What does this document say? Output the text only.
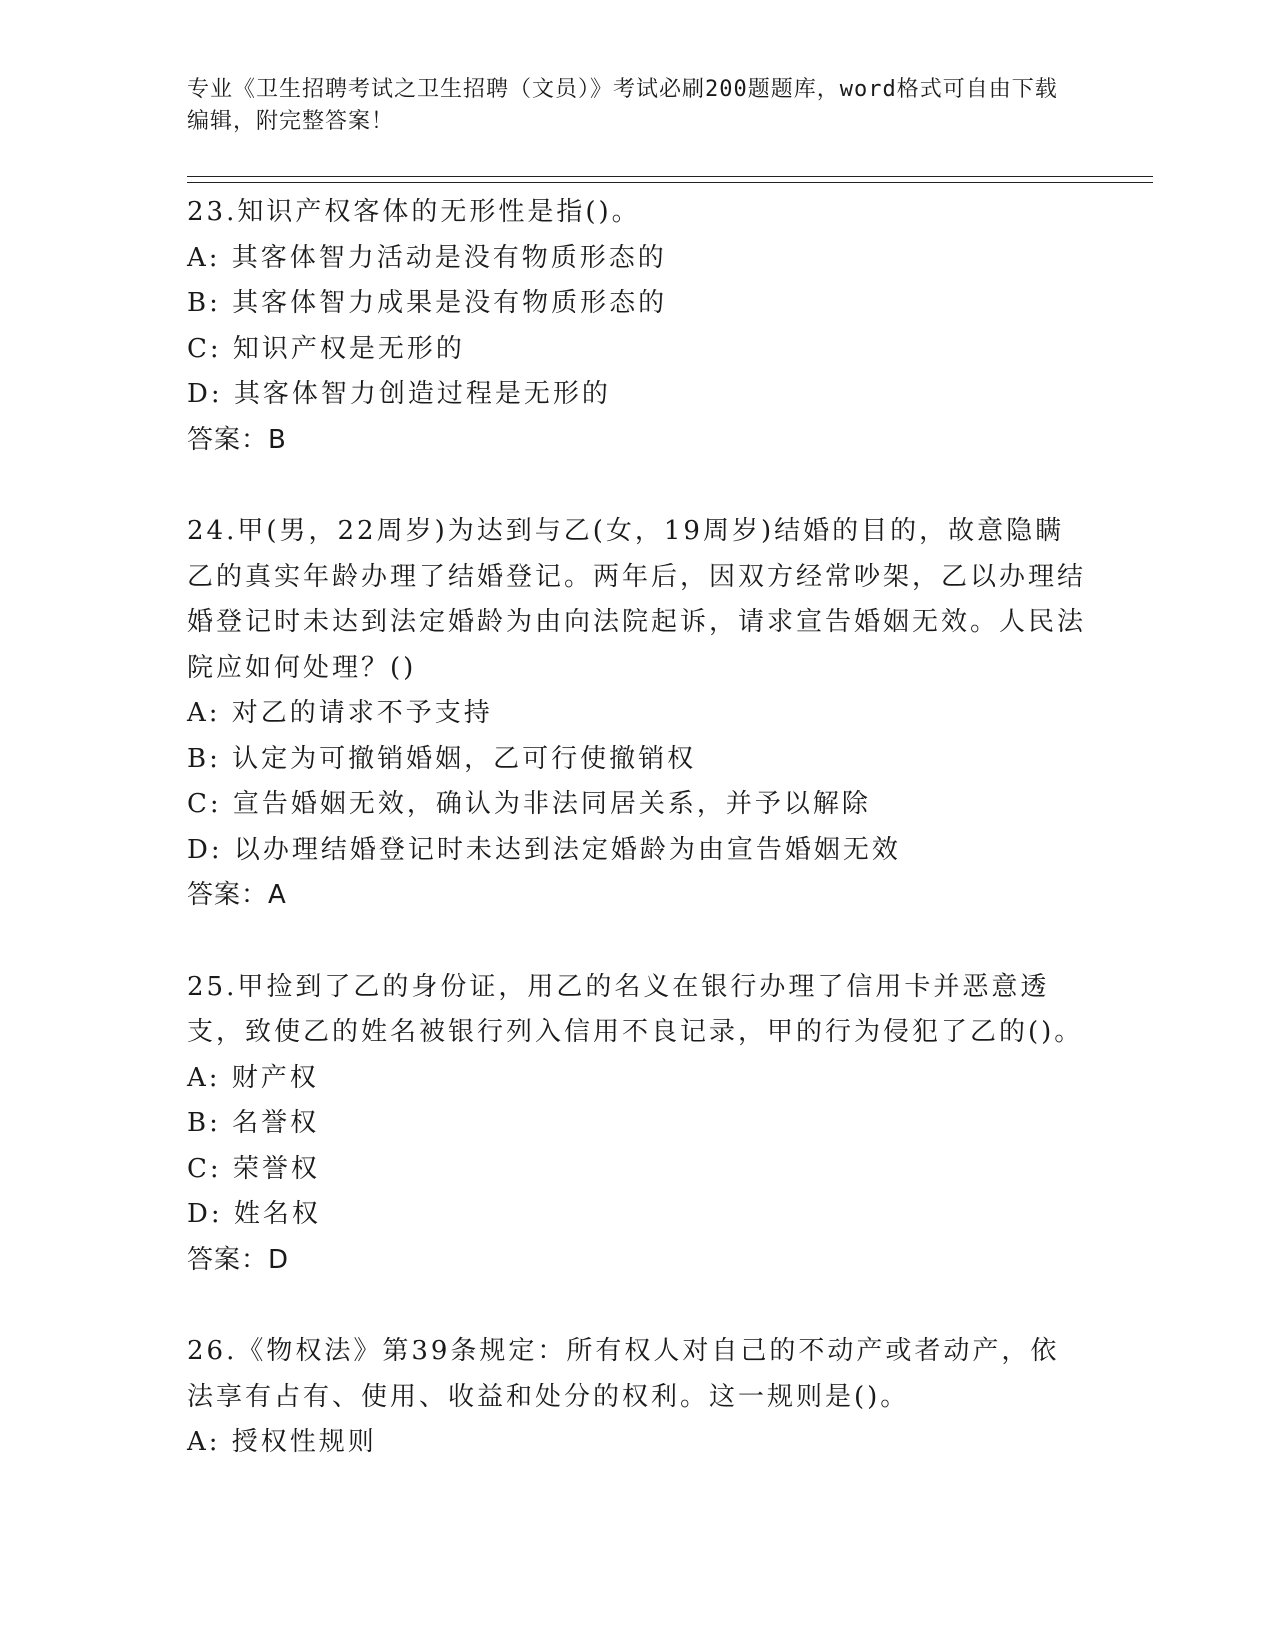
专业《卫生招聘考试之卫生招聘（文员）》考试必刷200题题库，word格式可自由下载编辑，附完整答案！
23.知识产权客体的无形性是指()。
A: 其客体智力活动是没有物质形态的
B: 其客体智力成果是没有物质形态的
C: 知识产权是无形的
D: 其客体智力创造过程是无形的
答案：B
24.甲(男，22周岁)为达到与乙(女，19周岁)结婚的目的，故意隐瞒乙的真实年龄办理了结婚登记。两年后，因双方经常吵架，乙以办理结婚登记时未达到法定婚龄为由向法院起诉，请求宣告婚姻无效。人民法院应如何处理？()
A: 对乙的请求不予支持
B: 认定为可撤销婚姻，乙可行使撤销权
C: 宣告婚姻无效，确认为非法同居关系，并予以解除
D: 以办理结婚登记时未达到法定婚龄为由宣告婚姻无效
答案：A
25.甲捡到了乙的身份证，用乙的名义在银行办理了信用卡并恶意透支，致使乙的姓名被银行列入信用不良记录，甲的行为侵犯了乙的()。
A: 财产权
B: 名誉权
C: 荣誉权
D: 姓名权
答案：D
26.《物权法》第39条规定：所有权人对自己的不动产或者动产，依法享有占有、使用、收益和处分的权利。这一规则是()。
A: 授权性规则
